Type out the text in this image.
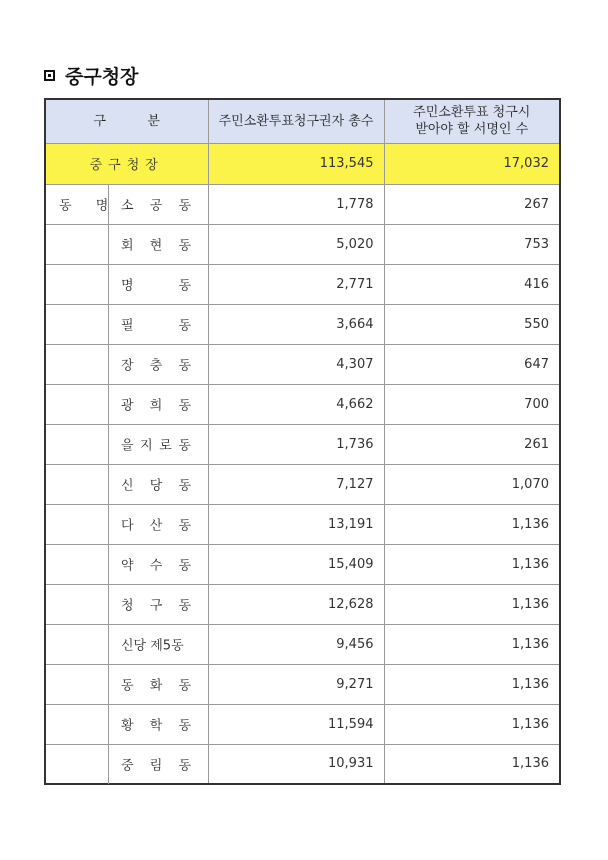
중구청장
구          분	주민소환투표청구권자 총수	주민소환투표 청구시
받아야 할 서명인 수

중구청장	113,545	17,032

동 명 소 공 동	1,778	267

회 현 동	5,020	753

명 동	2,771	416

필 동	3,664	550

장 충 동	4,307	647

광 희 동	4,662	700

을 지 로 동	1,736	261

신 당 동	7,127	1,070

다 산 동	13,191	1,136

약 수 동	15,409	1,136

청 구 동	12,628	1,136

신당 제5동	9,456	1,136

동 화 동	9,271	1,136

황 학 동	11,594	1,136

중 림 동	10,931	1,136
